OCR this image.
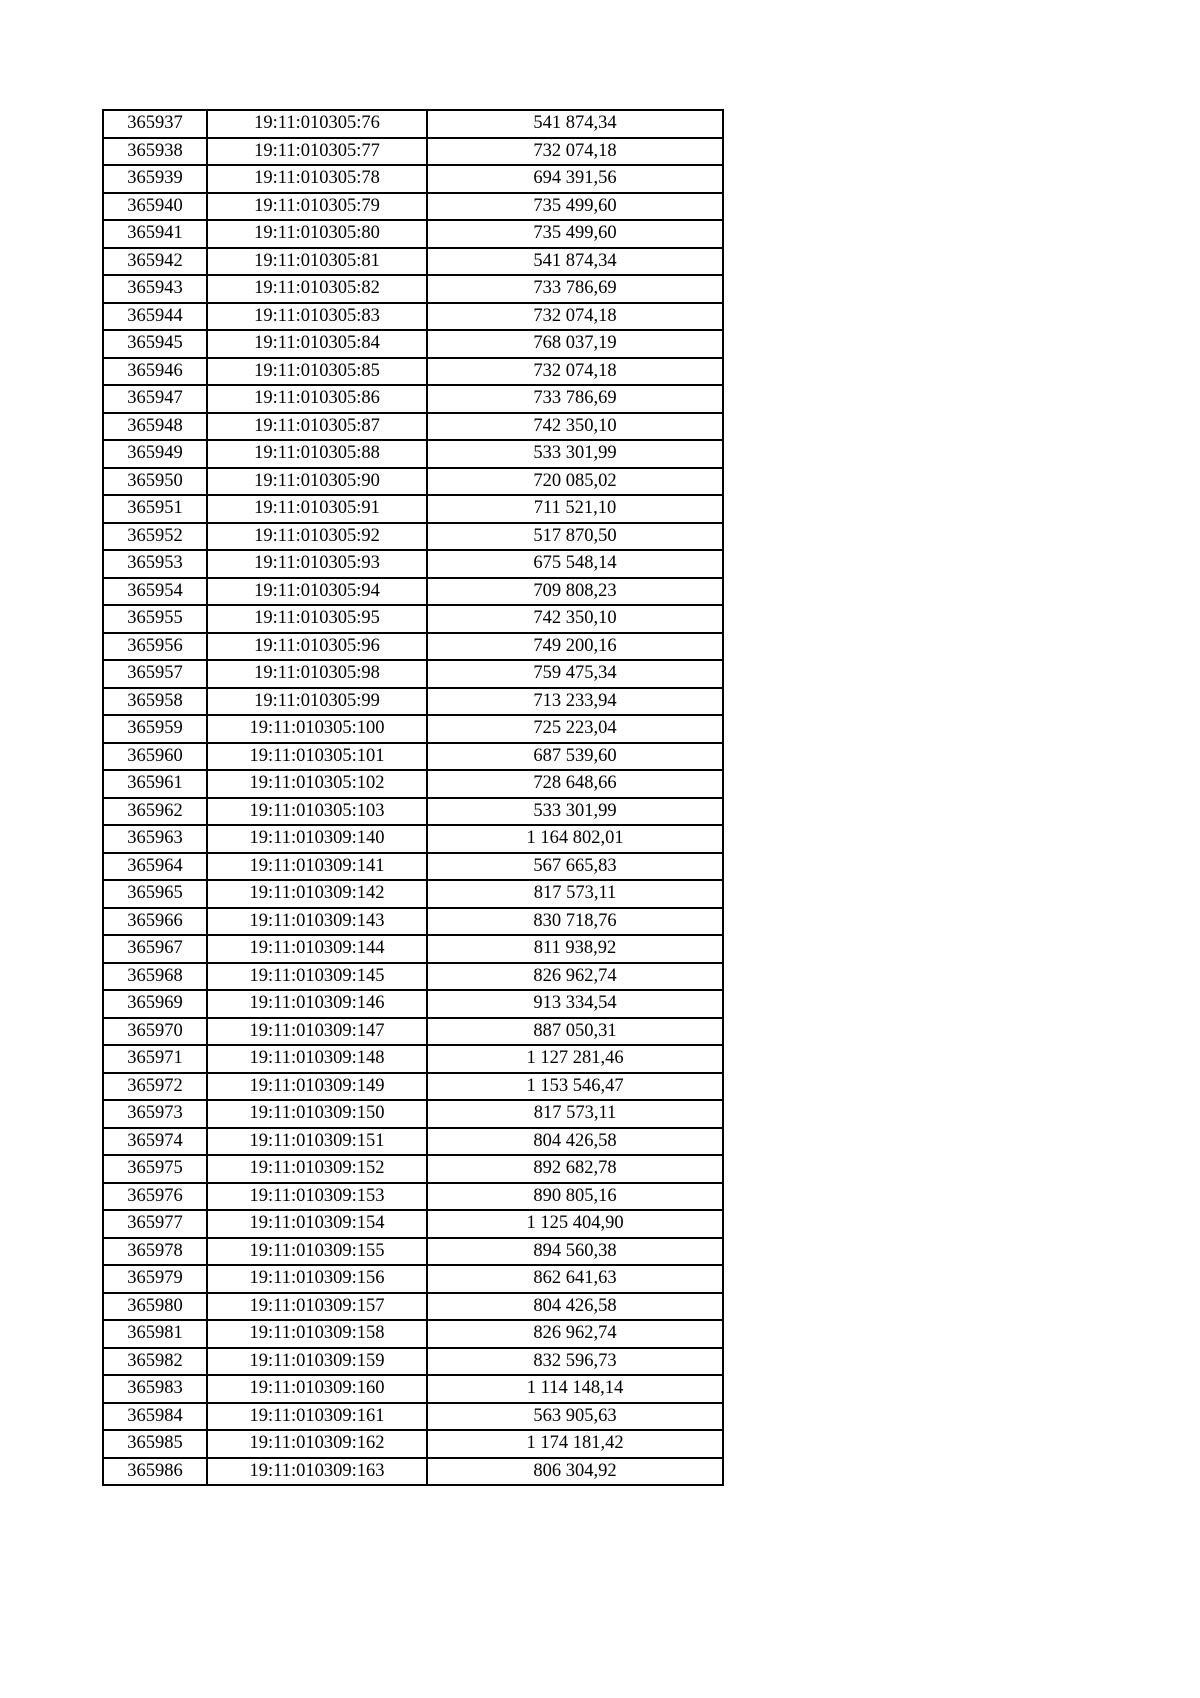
365937	19:11:010305:76	541 874,34
365938	19:11:010305:77	732 074,18
365939	19:11:010305:78	694 391,56
365940	19:11:010305:79	735 499,60
365941	19:11:010305:80	735 499,60
365942	19:11:010305:81	541 874,34
365943	19:11:010305:82	733 786,69
365944	19:11:010305:83	732 074,18
365945	19:11:010305:84	768 037,19
365946	19:11:010305:85	732 074,18
365947	19:11:010305:86	733 786,69
365948	19:11:010305:87	742 350,10
365949	19:11:010305:88	533 301,99
365950	19:11:010305:90	720 085,02
365951	19:11:010305:91	711 521,10
365952	19:11:010305:92	517 870,50
365953	19:11:010305:93	675 548,14
365954	19:11:010305:94	709 808,23
365955	19:11:010305:95	742 350,10
365956	19:11:010305:96	749 200,16
365957	19:11:010305:98	759 475,34
365958	19:11:010305:99	713 233,94
365959	19:11:010305:100	725 223,04
365960	19:11:010305:101	687 539,60
365961	19:11:010305:102	728 648,66
365962	19:11:010305:103	533 301,99
365963	19:11:010309:140	1 164 802,01
365964	19:11:010309:141	567 665,83
365965	19:11:010309:142	817 573,11
365966	19:11:010309:143	830 718,76
365967	19:11:010309:144	811 938,92
365968	19:11:010309:145	826 962,74
365969	19:11:010309:146	913 334,54
365970	19:11:010309:147	887 050,31
365971	19:11:010309:148	1 127 281,46
365972	19:11:010309:149	1 153 546,47
365973	19:11:010309:150	817 573,11
365974	19:11:010309:151	804 426,58
365975	19:11:010309:152	892 682,78
365976	19:11:010309:153	890 805,16
365977	19:11:010309:154	1 125 404,90
365978	19:11:010309:155	894 560,38
365979	19:11:010309:156	862 641,63
365980	19:11:010309:157	804 426,58
365981	19:11:010309:158	826 962,74
365982	19:11:010309:159	832 596,73
365983	19:11:010309:160	1 114 148,14
365984	19:11:010309:161	563 905,63
365985	19:11:010309:162	1 174 181,42
365986	19:11:010309:163	806 304,92
